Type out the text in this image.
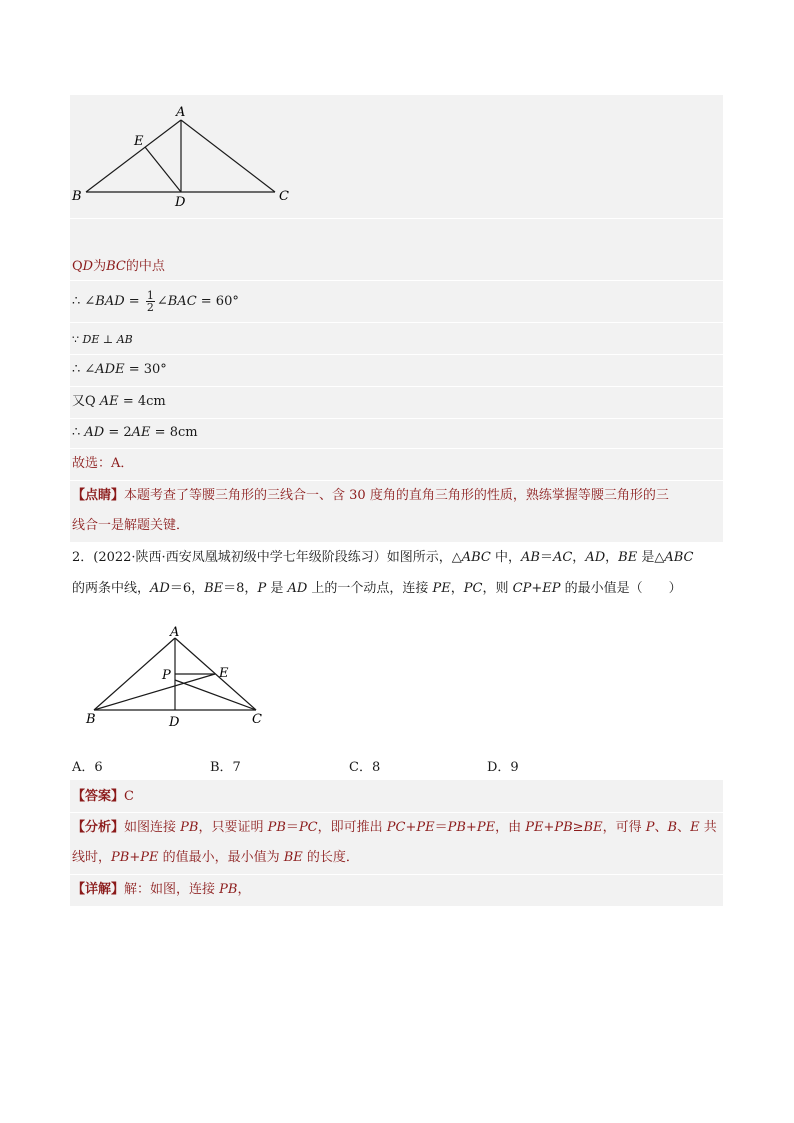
A
E
B	D	C
QD为BC的中点
∴ ∠BAD = $\frac{1}{2}$ ∠BAC = 60°
∵ DE ⊥ AB
∴ ∠ADE = 30°
又Q AE = 4cm
∴ AD = 2AE = 8cm
故选：A．
【点睛】本题考查了等腰三角形的三线合一、含 30 度角的直角三角形的性质，熟练掌握等腰三角形的三
线合一是解题关键．
2．(2022·陕西·西安凤凰城初级中学七年级阶段练习）如图所示，△ABC 中，AB＝AC，AD，BE 是△ABC
的两条中线，AD＝6，BE＝8，P 是 AD 上的一个动点，连接 PE，PC，则 CP+EP 的最小值是（　　）
A
P	E
B	D	C
A．6	B．7	C．8	D．9
【答案】C
【分析】如图连接 PB，只要证明 PB＝PC，即可推出 PC+PE＝PB+PE，由 PE+PB≥BE，可得 P、B、E 共
线时，PB+PE 的值最小，最小值为 BE 的长度．
【详解】解：如图，连接 PB，
